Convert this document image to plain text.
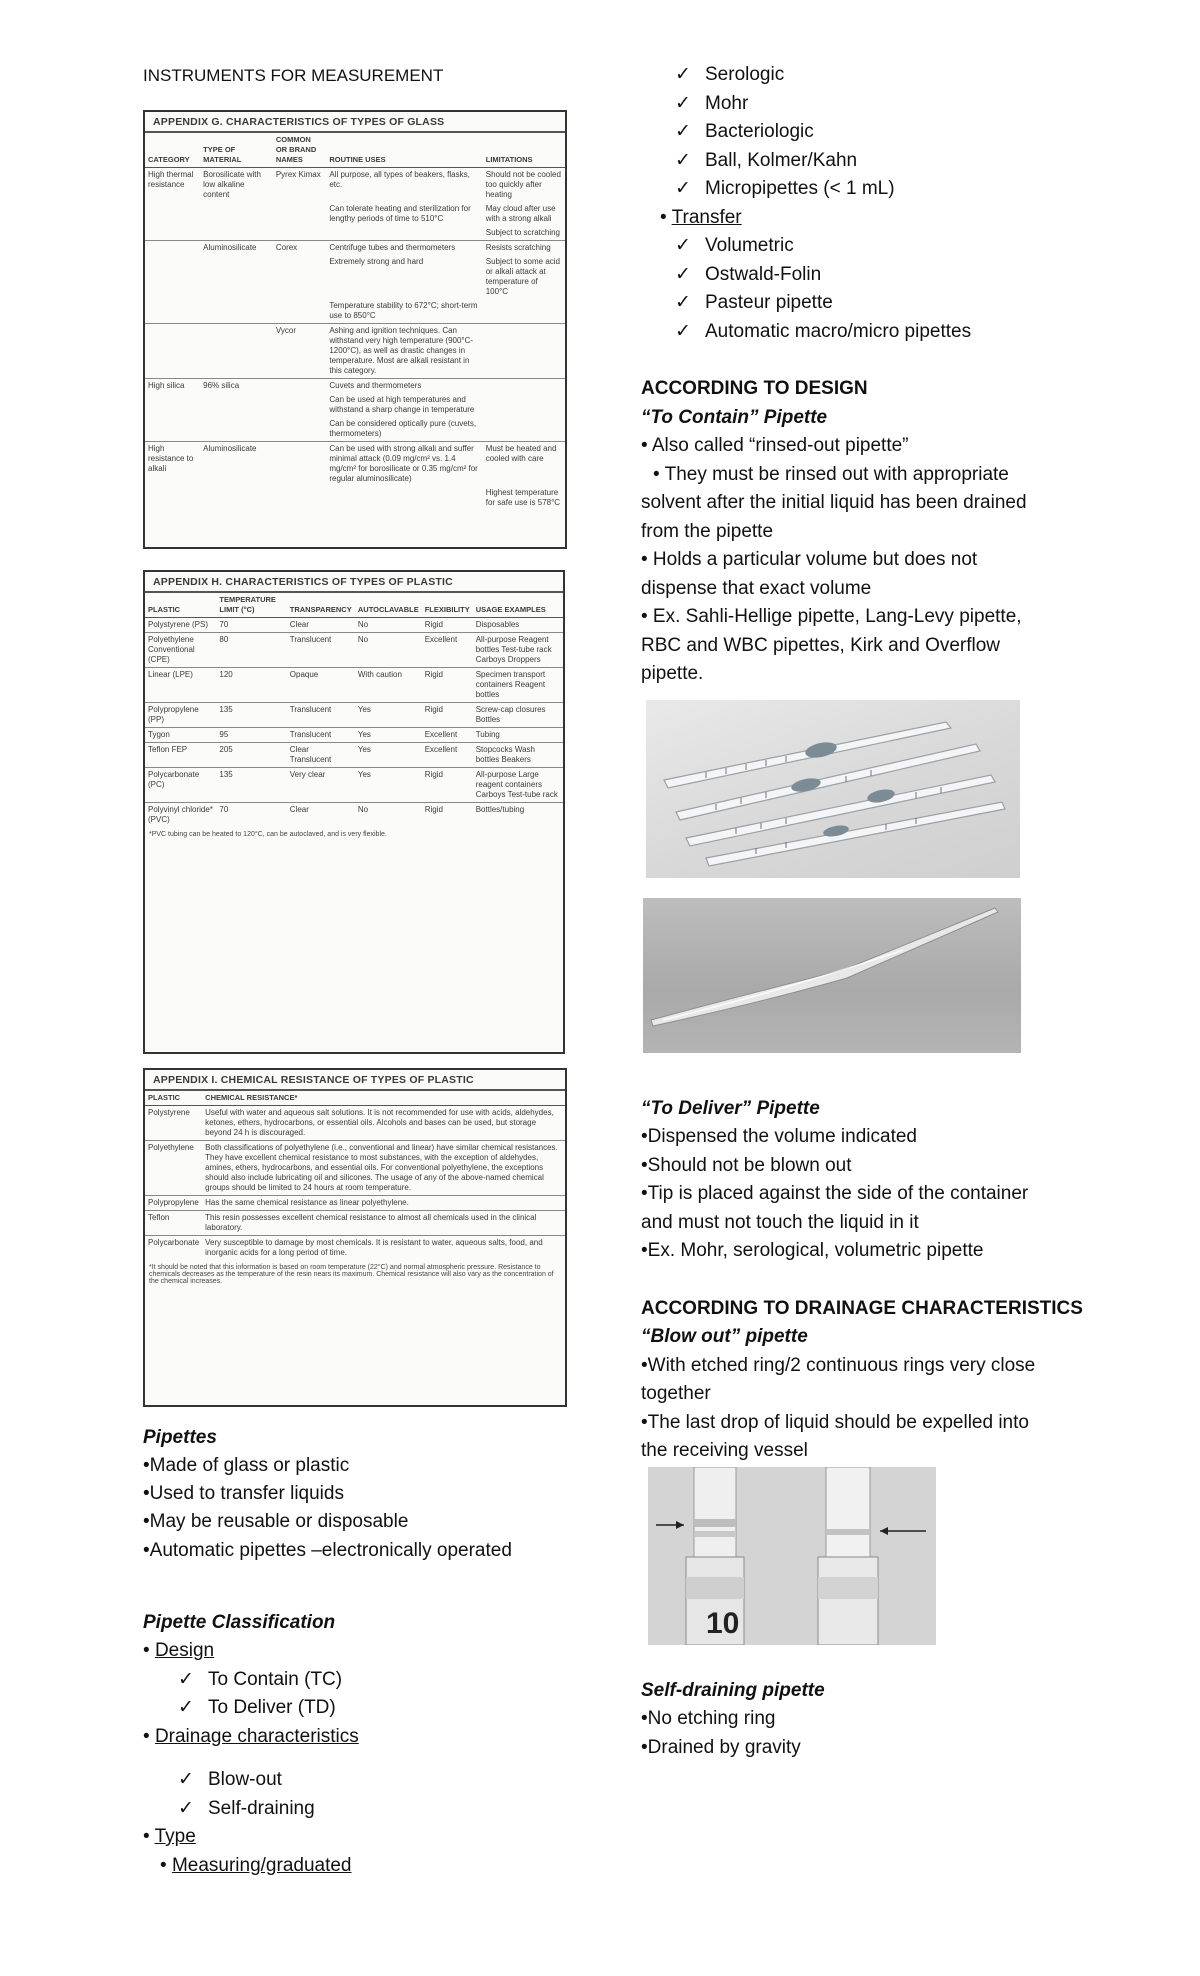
INSTRUMENTS FOR MEASUREMENT
APPENDIX G. CHARACTERISTICS OF TYPES OF GLASS
CATEGORY	TYPE OF MATERIAL	COMMON OR BRAND NAMES	ROUTINE USES	LIMITATIONS
High thermal resistance	Borosilicate with low alkaline content	Pyrex Kimax	All purpose, all types of beakers, flasks, etc.	Should not be cooled too quickly after heating
			Can tolerate heating and sterilization for lengthy periods of time to 510°C	May cloud after use with a strong alkali
				Subject to scratching
	Aluminosilicate	Corex	Centrifuge tubes and thermometers	Resists scratching
			Extremely strong and hard	Subject to some acid or alkali attack at temperature of 100°C
			Temperature stability to 672°C; short-term use to 850°C	
		Vycor	Ashing and ignition techniques. Can withstand very high temperature (900°C-1200°C), as well as drastic changes in temperature. Most are alkali resistant in this category.	
High silica	96% silica		Cuvets and thermometers	
			Can be used at high temperatures and withstand a sharp change in temperature	
			Can be considered optically pure (cuvets, thermometers)	
High resistance to alkali	Aluminosilicate		Can be used with strong alkali and suffer minimal attack (0.09 mg/cm² vs. 1.4 mg/cm² for borosilicate or 0.35 mg/cm² for regular aluminosilicate)	Must be heated and cooled with care
				Highest temperature for safe use is 578°C
APPENDIX H. CHARACTERISTICS OF TYPES OF PLASTIC
PLASTIC	TEMPERATURE LIMIT (°C)	TRANSPARENCY	AUTOCLAVABLE	FLEXIBILITY	USAGE EXAMPLES
Polystyrene (PS)	70	Clear	No	Rigid	Disposables
Polyethylene Conventional (CPE)	80	Translucent	No	Excellent	All-purpose Reagent bottles Test-tube rack Carboys Droppers
Linear (LPE)	120	Opaque	With caution	Rigid	Specimen transport containers Reagent bottles
Polypropylene (PP)	135	Translucent	Yes	Rigid	Screw-cap closures Bottles
Tygon	95	Translucent	Yes	Excellent	Tubing
Teflon FEP	205	Clear Translucent	Yes	Excellent	Stopcocks Wash bottles Beakers
Polycarbonate (PC)	135	Very clear	Yes	Rigid	All-purpose Large reagent containers Carboys Test-tube rack
Polyvinyl chloride* (PVC)	70	Clear	No	Rigid	Bottles/tubing
*PVC tubing can be heated to 120°C, can be autoclaved, and is very flexible.
APPENDIX I. CHEMICAL RESISTANCE OF TYPES OF PLASTIC
PLASTIC	CHEMICAL RESISTANCE*
Polystyrene	Useful with water and aqueous salt solutions. It is not recommended for use with acids, aldehydes, ketones, ethers, hydrocarbons, or essential oils. Alcohols and bases can be used, but storage beyond 24 h is discouraged.
Polyethylene	Both classifications of polyethylene (i.e., conventional and linear) have similar chemical resistances. They have excellent chemical resistance to most substances, with the exception of aldehydes, amines, ethers, hydrocarbons, and essential oils. For conventional polyethylene, the exceptions should also include lubricating oil and silicones. The usage of any of the above-named chemical groups should be limited to 24 hours at room temperature.
Polypropylene	Has the same chemical resistance as linear polyethylene.
Teflon	This resin possesses excellent chemical resistance to almost all chemicals used in the clinical laboratory.
Polycarbonate	Very susceptible to damage by most chemicals. It is resistant to water, aqueous salts, food, and inorganic acids for a long period of time.
*It should be noted that this information is based on room temperature (22°C) and normal atmospheric pressure. Resistance to chemicals decreases as the temperature of the resin nears its maximum. Chemical resistance will also vary as the concentration of the chemical increases.
Pipettes
•Made of glass or plastic
•Used to transfer liquids
•May be reusable or disposable
•Automatic pipettes –electronically operated
Pipette Classification
• Design
✓ To Contain (TC)
✓ To Deliver (TD)
• Drainage characteristics
✓ Blow-out
✓ Self-draining
• Type
• Measuring/graduated
✓ Serologic
✓ Mohr
✓ Bacteriologic
✓ Ball, Kolmer/Kahn
✓ Micropipettes (< 1 mL)
• Transfer
✓ Volumetric
✓ Ostwald-Folin
✓ Pasteur pipette
✓ Automatic macro/micro pipettes
ACCORDING TO DESIGN
“To Contain” Pipette
• Also called “rinsed-out pipette”
• They must be rinsed out with appropriate
solvent after the initial liquid has been drained
from the pipette
• Holds a particular volume but does not
dispense that exact volume
• Ex. Sahli-Hellige pipette, Lang-Levy pipette,
RBC and WBC pipettes, Kirk and Overflow
pipette.
“To Deliver” Pipette
•Dispensed the volume indicated
•Should not be blown out
•Tip is placed against the side of the container
and must not touch the liquid in it
•Ex. Mohr, serological, volumetric pipette
ACCORDING TO DRAINAGE CHARACTERISTICS
“Blow out” pipette
•With etched ring/2 continuous rings very close
together
•The last drop of liquid should be expelled into
the receiving vessel
10
Self-draining pipette
•No etching ring
•Drained by gravity
